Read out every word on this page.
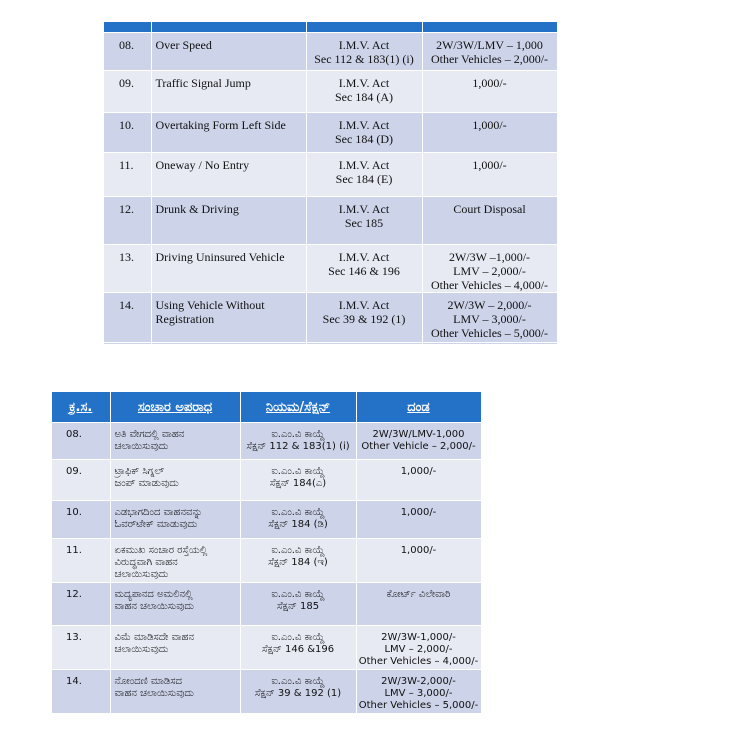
08.	Over Speed	I.M.V. Act
Sec 112 & 183(1) (i)	2W/3W/LMV – 1,000
Other Vehicles – 2,000/-

09.	Traffic Signal Jump	I.M.V. Act
Sec 184 (A)	1,000/-

10.	Overtaking Form Left Side	I.M.V. Act
Sec 184 (D)	1,000/-

11.	Oneway / No Entry	I.M.V. Act
Sec 184 (E)	1,000/-

12.	Drunk & Driving	I.M.V. Act
Sec 185	Court Disposal

13.	Driving Uninsured Vehicle	I.M.V. Act
Sec 146 & 196	2W/3W –1,000/-
LMV – 2,000/-
Other Vehicles – 4,000/-

14.	Using Vehicle Without
Registration	I.M.V. Act
Sec 39 & 192 (1)	2W/3W – 2,000/-
LMV – 3,000/-
Other Vehicles – 5,000/-

ಕ್ರ.ಸ.	ಸಂಚಾರ ಅಪರಾಧ	ನಿಯಮ/ಸೆಕ್ಷನ್	ದಂಡ
08.	ಅತಿ ವೇಗದಲ್ಲಿ ವಾಹನ
ಚಲಾಯಿಸುವುದು	ಐ.ಎಂ.ವಿ ಕಾಯ್ದೆ
ಸೆಕ್ಷನ್ 112 & 183(1) (i)	2W/3W/LMV-1,000
Other Vehicle – 2,000/-

09.	ಟ್ರಾಫಿಕ್ ಸಿಗ್ನಲ್
ಜಂಪ್ ಮಾಡುವುದು	ಐ.ಎಂ.ವಿ ಕಾಯ್ದೆ
ಸೆಕ್ಷನ್ 184(ಎ)	1,000/-

10.	ಎಡಭಾಗದಿಂದ ವಾಹನವನ್ನು
ಓವರ್‌ಟೇಕ್ ಮಾಡುವುದು	ಐ.ಎಂ.ವಿ ಕಾಯ್ದೆ
ಸೆಕ್ಷನ್ 184 (ಡಿ)	1,000/-

11.	ಏಕಮುಖ ಸಂಚಾರ ರಸ್ತೆಯಲ್ಲಿ
ವಿರುದ್ಧವಾಗಿ ವಾಹನ
ಚಲಾಯಿಸುವುದು	ಐ.ಎಂ.ವಿ ಕಾಯ್ದೆ
ಸೆಕ್ಷನ್ 184 (ಇ)	1,000/-

12.	ಮದ್ಯಪಾನದ ಅಮಲಿನಲ್ಲಿ
ವಾಹನ ಚಲಾಯಿಸುವುದು	ಐ.ಎಂ.ವಿ ಕಾಯ್ದೆ
ಸೆಕ್ಷನ್ 185	ಕೋರ್ಟ್ ವಿಲೇವಾರಿ

13.	ವಿಮೆ ಮಾಡಿಸದೇ ವಾಹನ
ಚಲಾಯಿಸುವುದು	ಐ.ಎಂ.ವಿ ಕಾಯ್ದೆ
ಸೆಕ್ಷನ್ 146 &196	2W/3W-1,000/-
LMV – 2,000/-
Other Vehicles – 4,000/-

14.	ನೋಂದಣಿ ಮಾಡಿಸದ
ವಾಹನ ಚಲಾಯಿಸುವುದು	ಐ.ಎಂ.ವಿ ಕಾಯ್ದೆ
ಸೆಕ್ಷನ್ 39 & 192 (1)	2W/3W-2,000/-
LMV – 3,000/-
Other Vehicles – 5,000/-
